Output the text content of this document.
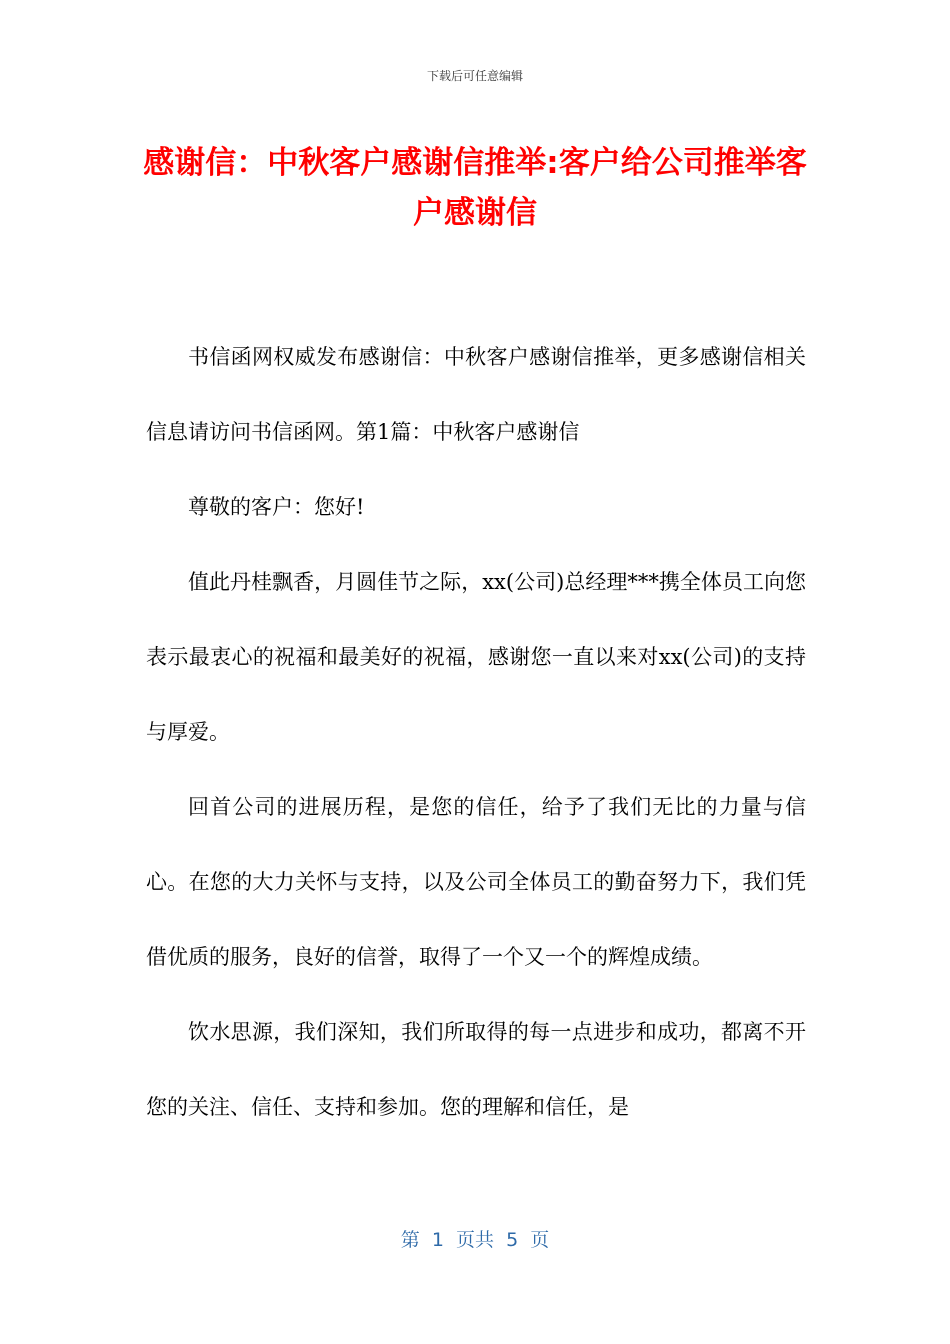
下载后可任意编辑
感谢信：中秋客户感谢信推举:客户给公司推举客户感谢信

书信函网权威发布感谢信：中秋客户感谢信推举，更多感谢信相关信息请访问书信函网。第1篇：中秋客户感谢信

尊敬的客户：您好!

值此丹桂飘香，月圆佳节之际，xx(公司)总经理***携全体员工向您表示最衷心的祝福和最美好的祝福，感谢您一直以来对xx(公司)的支持与厚爱。

回首公司的进展历程，是您的信任，给予了我们无比的力量与信心。在您的大力关怀与支持，以及公司全体员工的勤奋努力下，我们凭借优质的服务，良好的信誉，取得了一个又一个的辉煌成绩。

饮水思源，我们深知，我们所取得的每一点进步和成功，都离不开您的关注、信任、支持和参加。您的理解和信任，是

第  1  页共  5  页
